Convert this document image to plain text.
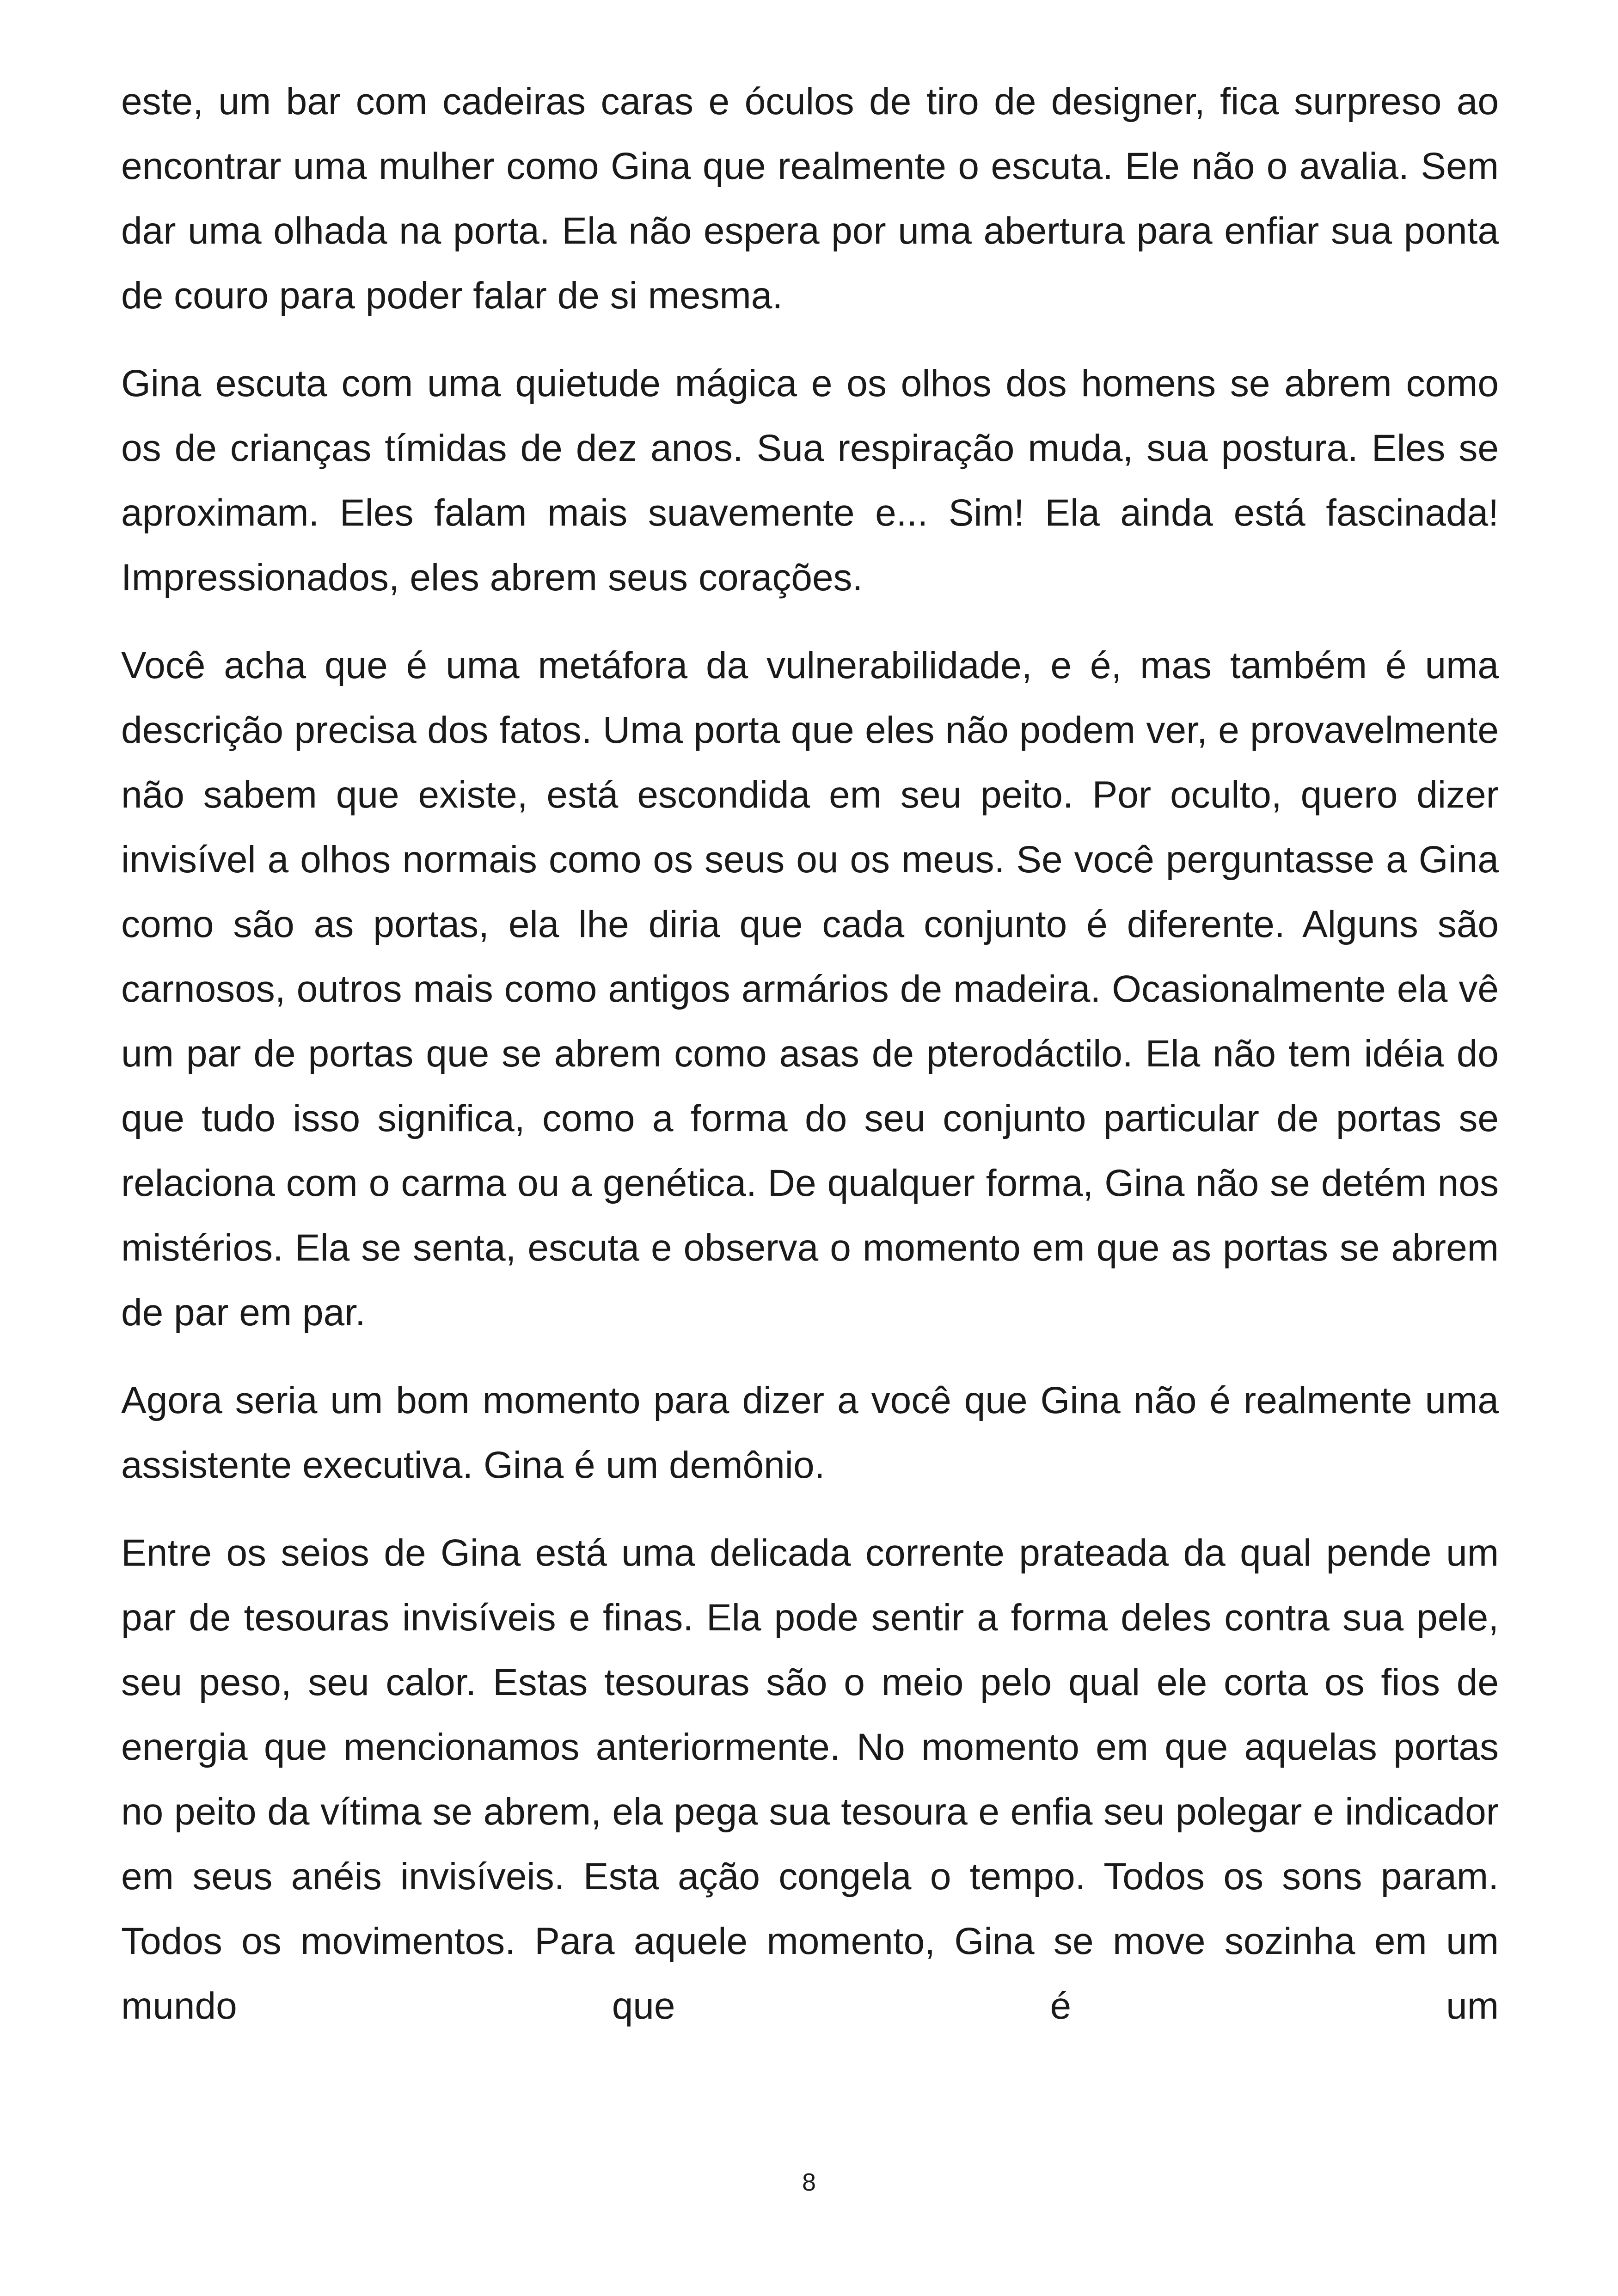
este, um bar com cadeiras caras e óculos de tiro de designer, fica surpreso ao encontrar uma mulher como Gina que realmente o escuta. Ele não o avalia. Sem dar uma olhada na porta. Ela não espera por uma abertura para enfiar sua ponta de couro para poder falar de si mesma.

Gina escuta com uma quietude mágica e os olhos dos homens se abrem como os de crianças tímidas de dez anos. Sua respiração muda, sua postura. Eles se aproximam. Eles falam mais suavemente e... Sim! Ela ainda está fascinada! Impressionados, eles abrem seus corações.

Você acha que é uma metáfora da vulnerabilidade, e é, mas também é uma descrição precisa dos fatos. Uma porta que eles não podem ver, e provavelmente não sabem que existe, está escondida em seu peito. Por oculto, quero dizer invisível a olhos normais como os seus ou os meus. Se você perguntasse a Gina como são as portas, ela lhe diria que cada conjunto é diferente. Alguns são carnosos, outros mais como antigos armários de madeira. Ocasionalmente ela vê um par de portas que se abrem como asas de pterodáctilo. Ela não tem idéia do que tudo isso significa, como a forma do seu conjunto particular de portas se relaciona com o carma ou a genética. De qualquer forma, Gina não se detém nos mistérios. Ela se senta, escuta e observa o momento em que as portas se abrem de par em par.

Agora seria um bom momento para dizer a você que Gina não é realmente uma assistente executiva. Gina é um demônio.

Entre os seios de Gina está uma delicada corrente prateada da qual pende um par de tesouras invisíveis e finas. Ela pode sentir a forma deles contra sua pele, seu peso, seu calor. Estas tesouras são o meio pelo qual ele corta os fios de energia que mencionamos anteriormente. No momento em que aquelas portas no peito da vítima se abrem, ela pega sua tesoura e enfia seu polegar e indicador em seus anéis invisíveis. Esta ação congela o tempo. Todos os sons param. Todos os movimentos. Para aquele momento, Gina se move sozinha em um mundo que é um

8
